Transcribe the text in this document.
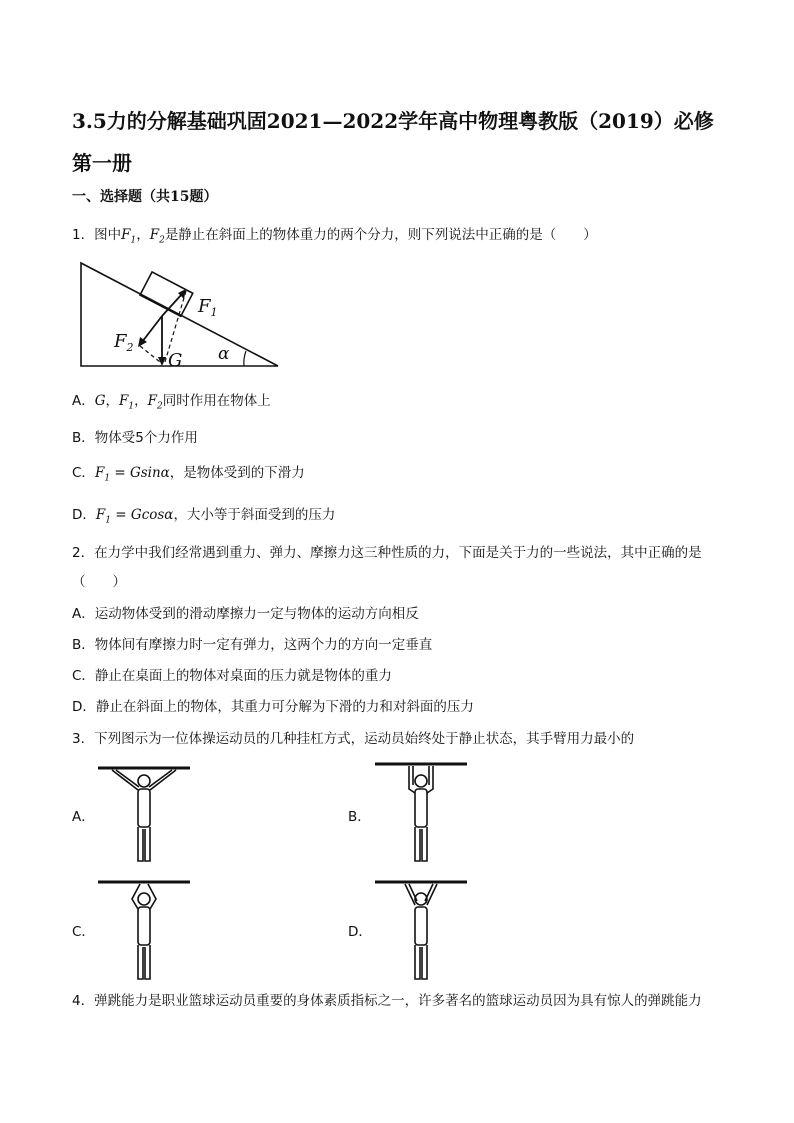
3.5力的分解基础巩固2021—2022学年高中物理粤教版（2019）必修第一册
一、选择题（共15题）
1．图中$F_1$，$F_2$是静止在斜面上的物体重力的两个分力，则下列说法中正确的是（　　）
$F_1$
$F_2$
G α
A．G，$F_1$，$F_2$同时作用在物体上
B．物体受5个力作用
C．$F_1 = Gsin\alpha$，是物体受到的下滑力
D．$F_1 = Gcos\alpha$，大小等于斜面受到的压力
2．在力学中我们经常遇到重力、弹力、摩擦力这三种性质的力，下面是关于力的一些说法，其中正确的是
（　　）
A．运动物体受到的滑动摩擦力一定与物体的运动方向相反
B．物体间有摩擦力时一定有弹力，这两个力的方向一定垂直
C．静止在桌面上的物体对桌面的压力就是物体的重力
D．静止在斜面上的物体，其重力可分解为下滑的力和对斜面的压力
3．下列图示为一位体操运动员的几种挂杠方式，运动员始终处于静止状态，其手臂用力最小的
A．	B．
C．	D．
4．弹跳能力是职业篮球运动员重要的身体素质指标之一，许多著名的篮球运动员因为具有惊人的弹跳能力
